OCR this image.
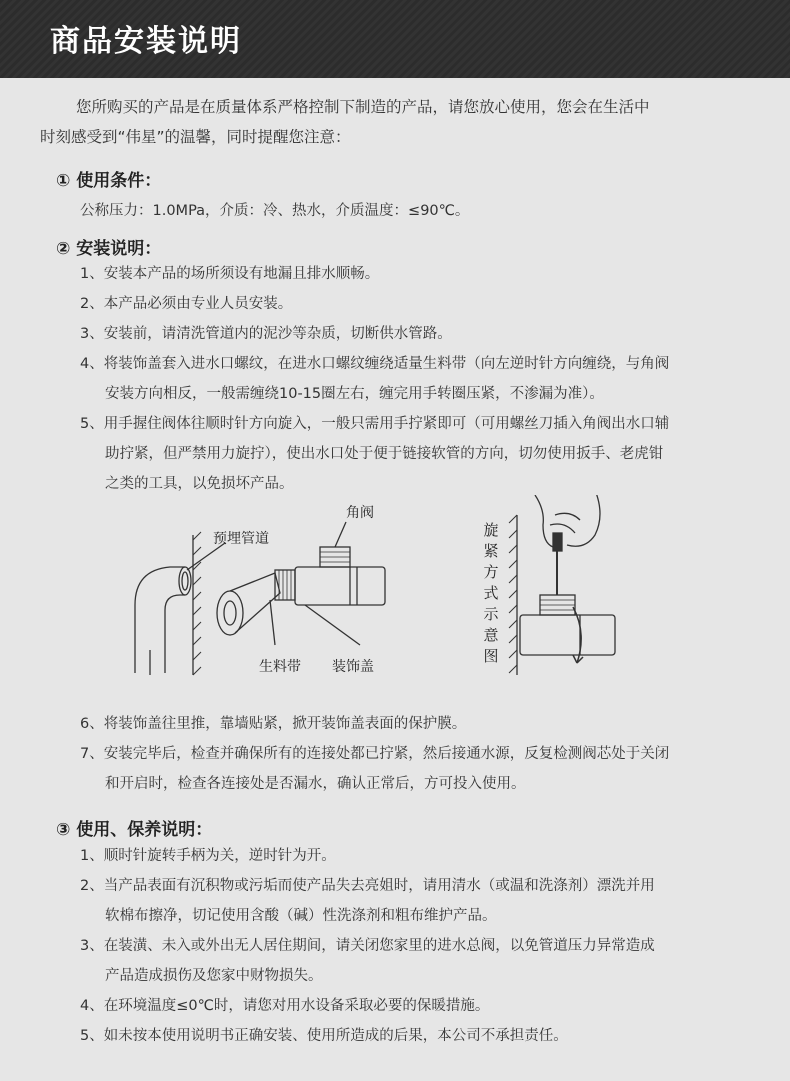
商品安装说明
您所购买的产品是在质量体系严格控制下制造的产品，请您放心使用，您会在生活中
时刻感受到“伟星”的温馨，同时提醒您注意：

① 使用条件：

公称压力：1.0MPa，介质：冷、热水，介质温度：≤90℃。

② 安装说明：

1、安装本产品的场所须设有地漏且排水顺畅。

2、本产品必须由专业人员安装。

3、安装前，请清洗管道内的泥沙等杂质，切断供水管路。

4、将装饰盖套入进水口螺纹，在进水口螺纹缠绕适量生料带（向左逆时针方向缠绕，与角阀

安装方向相反，一般需缠绕10-15圈左右，缠完用手转圈压紧，不渗漏为准）。

5、用手握住阀体往顺时针方向旋入，一般只需用手拧紧即可（可用螺丝刀插入角阀出水口辅

助拧紧，但严禁用力旋拧），使出水口处于便于链接软管的方向，切勿使用扳手、老虎钳

之类的工具，以免损坏产品。

预埋管道
角阀
生料带 装饰盖
旋紧方式示意图

6、将装饰盖往里推，靠墙贴紧，掀开装饰盖表面的保护膜。

7、安装完毕后，检查并确保所有的连接处都已拧紧，然后接通水源，反复检测阀芯处于关闭

和开启时，检查各连接处是否漏水，确认正常后，方可投入使用。

③ 使用、保养说明：

1、顺时针旋转手柄为关，逆时针为开。

2、当产品表面有沉积物或污垢而使产品失去亮姐时，请用清水（或温和洗涤剂）漂洗并用

软棉布擦净，切记使用含酸（碱）性洗涤剂和粗布维护产品。

3、在装潢、未入或外出无人居住期间，请关闭您家里的进水总阀，以免管道压力异常造成

产品造成损伤及您家中财物损失。

4、在环境温度≤0℃时，请您对用水设备采取必要的保暖措施。

5、如未按本使用说明书正确安装、使用所造成的后果，本公司不承担责任。
